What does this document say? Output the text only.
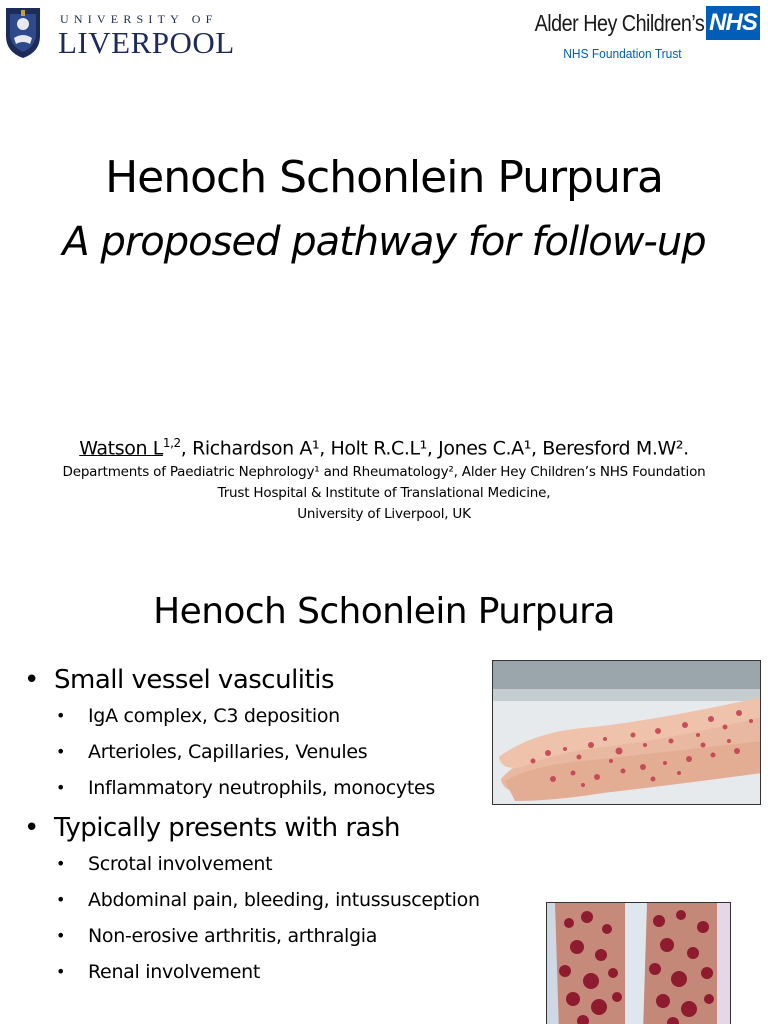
UNIVERSITY OF
LIVERPOOL
Alder Hey Children’s NHS
NHS Foundation Trust
Henoch Schonlein Purpura
A proposed pathway for follow-up
Watson L$^{1,2}$, Richardson A¹, Holt R.C.L¹, Jones C.A¹, Beresford M.W².
Departments of Paediatric Nephrology¹ and Rheumatology², Alder Hey Children’s NHS Foundation
Trust Hospital & Institute of Translational Medicine,
University of Liverpool, UK
Henoch Schonlein Purpura
• Small vessel vasculitis
• IgA complex, C3 deposition
• Arterioles, Capillaries, Venules
• Inflammatory neutrophils, monocytes
• Typically presents with rash
• Scrotal involvement
• Abdominal pain, bleeding, intussusception
• Non-erosive arthritis, arthralgia
• Renal involvement
